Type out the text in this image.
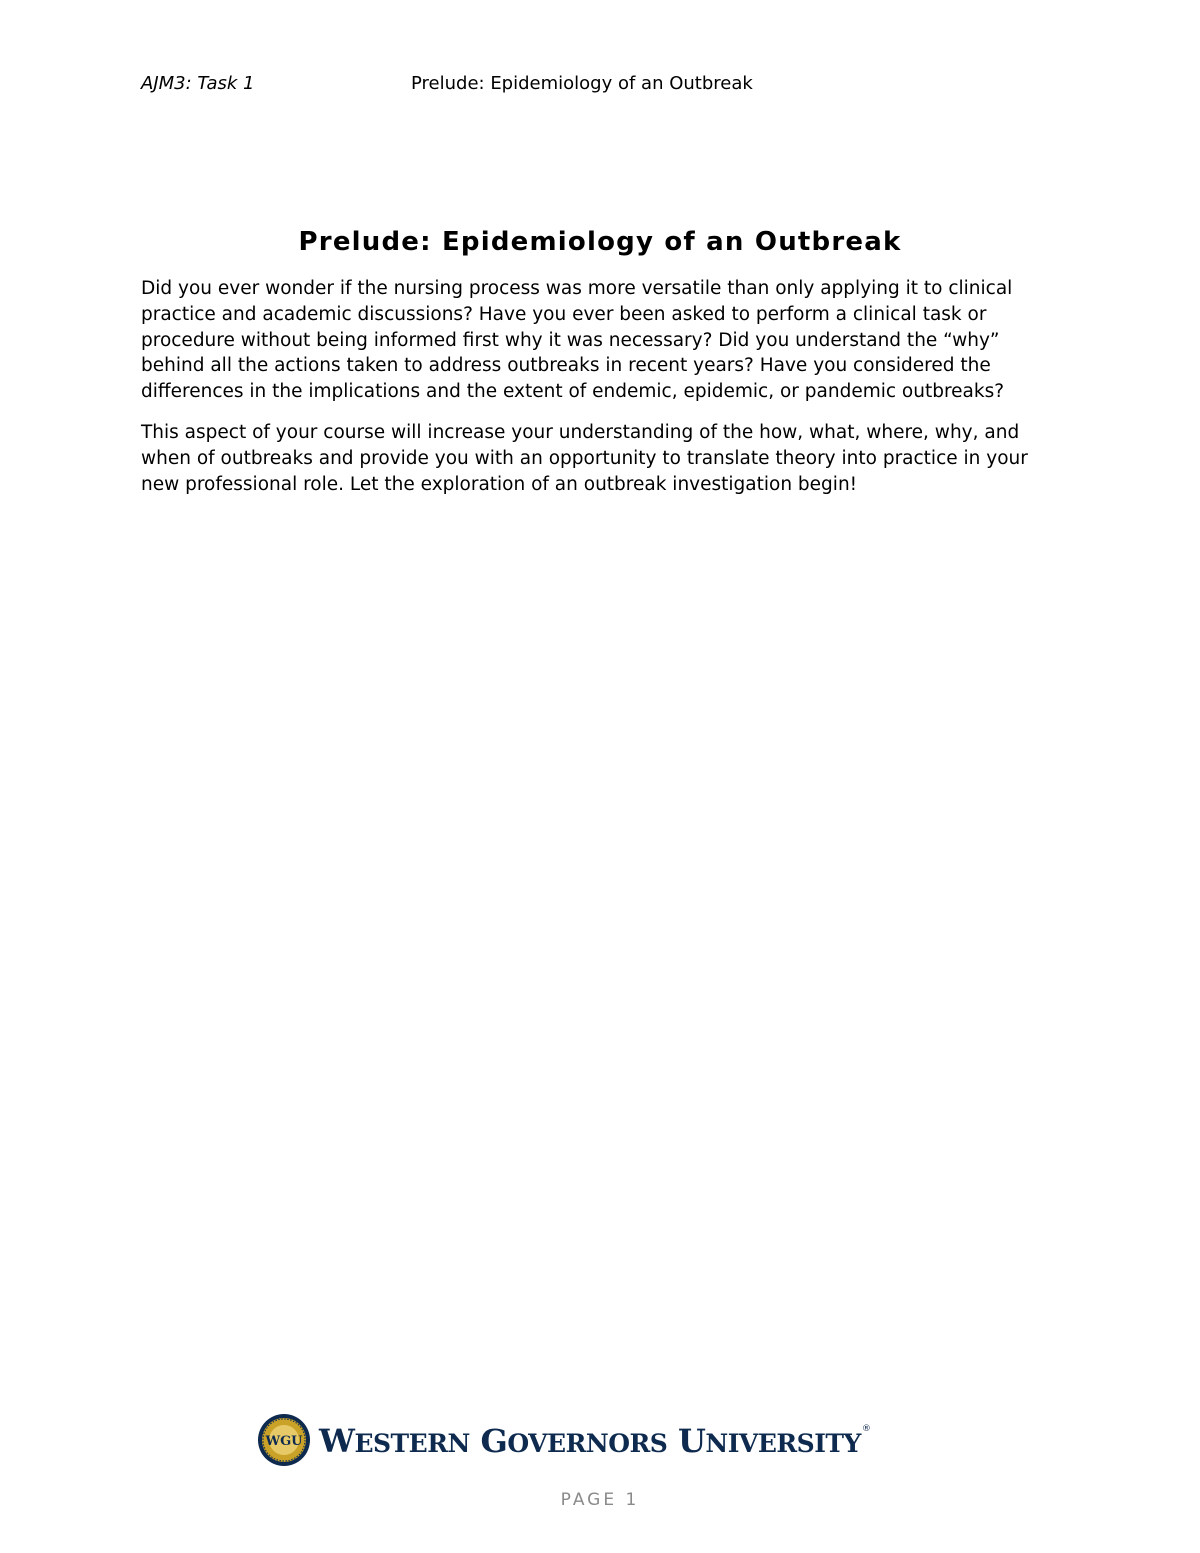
AJM3: Task 1	Prelude: Epidemiology of an Outbreak
Prelude: Epidemiology of an Outbreak

Did you ever wonder if the nursing process was more versatile than only applying it to clinical practice and academic discussions? Have you ever been asked to perform a clinical task or procedure without being informed first why it was necessary? Did you understand the “why” behind all the actions taken to address outbreaks in recent years? Have you considered the differences in the implications and the extent of endemic, epidemic, or pandemic outbreaks?

This aspect of your course will increase your understanding of the how, what, where, why, and when of outbreaks and provide you with an opportunity to translate theory into practice in your new professional role. Let the exploration of an outbreak investigation begin!

WGU WESTERN GOVERNORS UNIVERSITY®
PAGE 1
